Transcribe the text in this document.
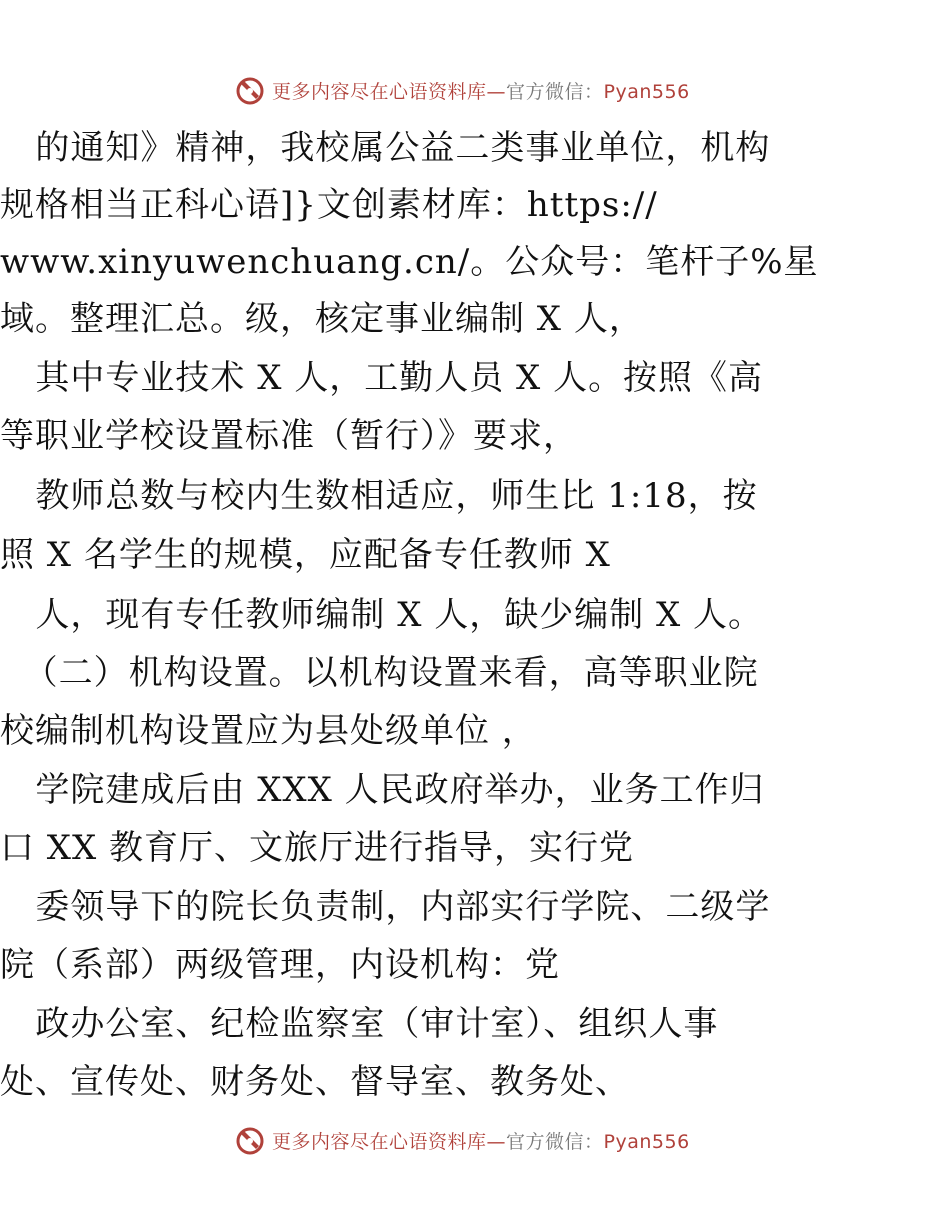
更多内容尽在心语资料库—官方微信：Pyan556
的通知》精神，我校属公益二类事业单位，机构
规格相当正科心语]}文创素材库：https://
www.xinyuwenchuang.cn/。公众号：笔杆子%星
域。整理汇总。级，核定事业编制 X 人，
其中专业技术 X 人，工勤人员 X 人。按照《高
等职业学校设置标准（暂行）》要求，
教师总数与校内生数相适应，师生比 1:18，按
照 X 名学生的规模，应配备专任教师 X
人，现有专任教师编制 X 人，缺少编制 X 人。
（二）机构设置。以机构设置来看，高等职业院
校编制机构设置应为县处级单位 ，
学院建成后由 XXX 人民政府举办，业务工作归
口 XX 教育厅、文旅厅进行指导，实行党
委领导下的院长负责制，内部实行学院、二级学
院（系部）两级管理，内设机构：党
政办公室、纪检监察室（审计室）、组织人事
处、宣传处、财务处、督导室、教务处、
更多内容尽在心语资料库—官方微信：Pyan556
